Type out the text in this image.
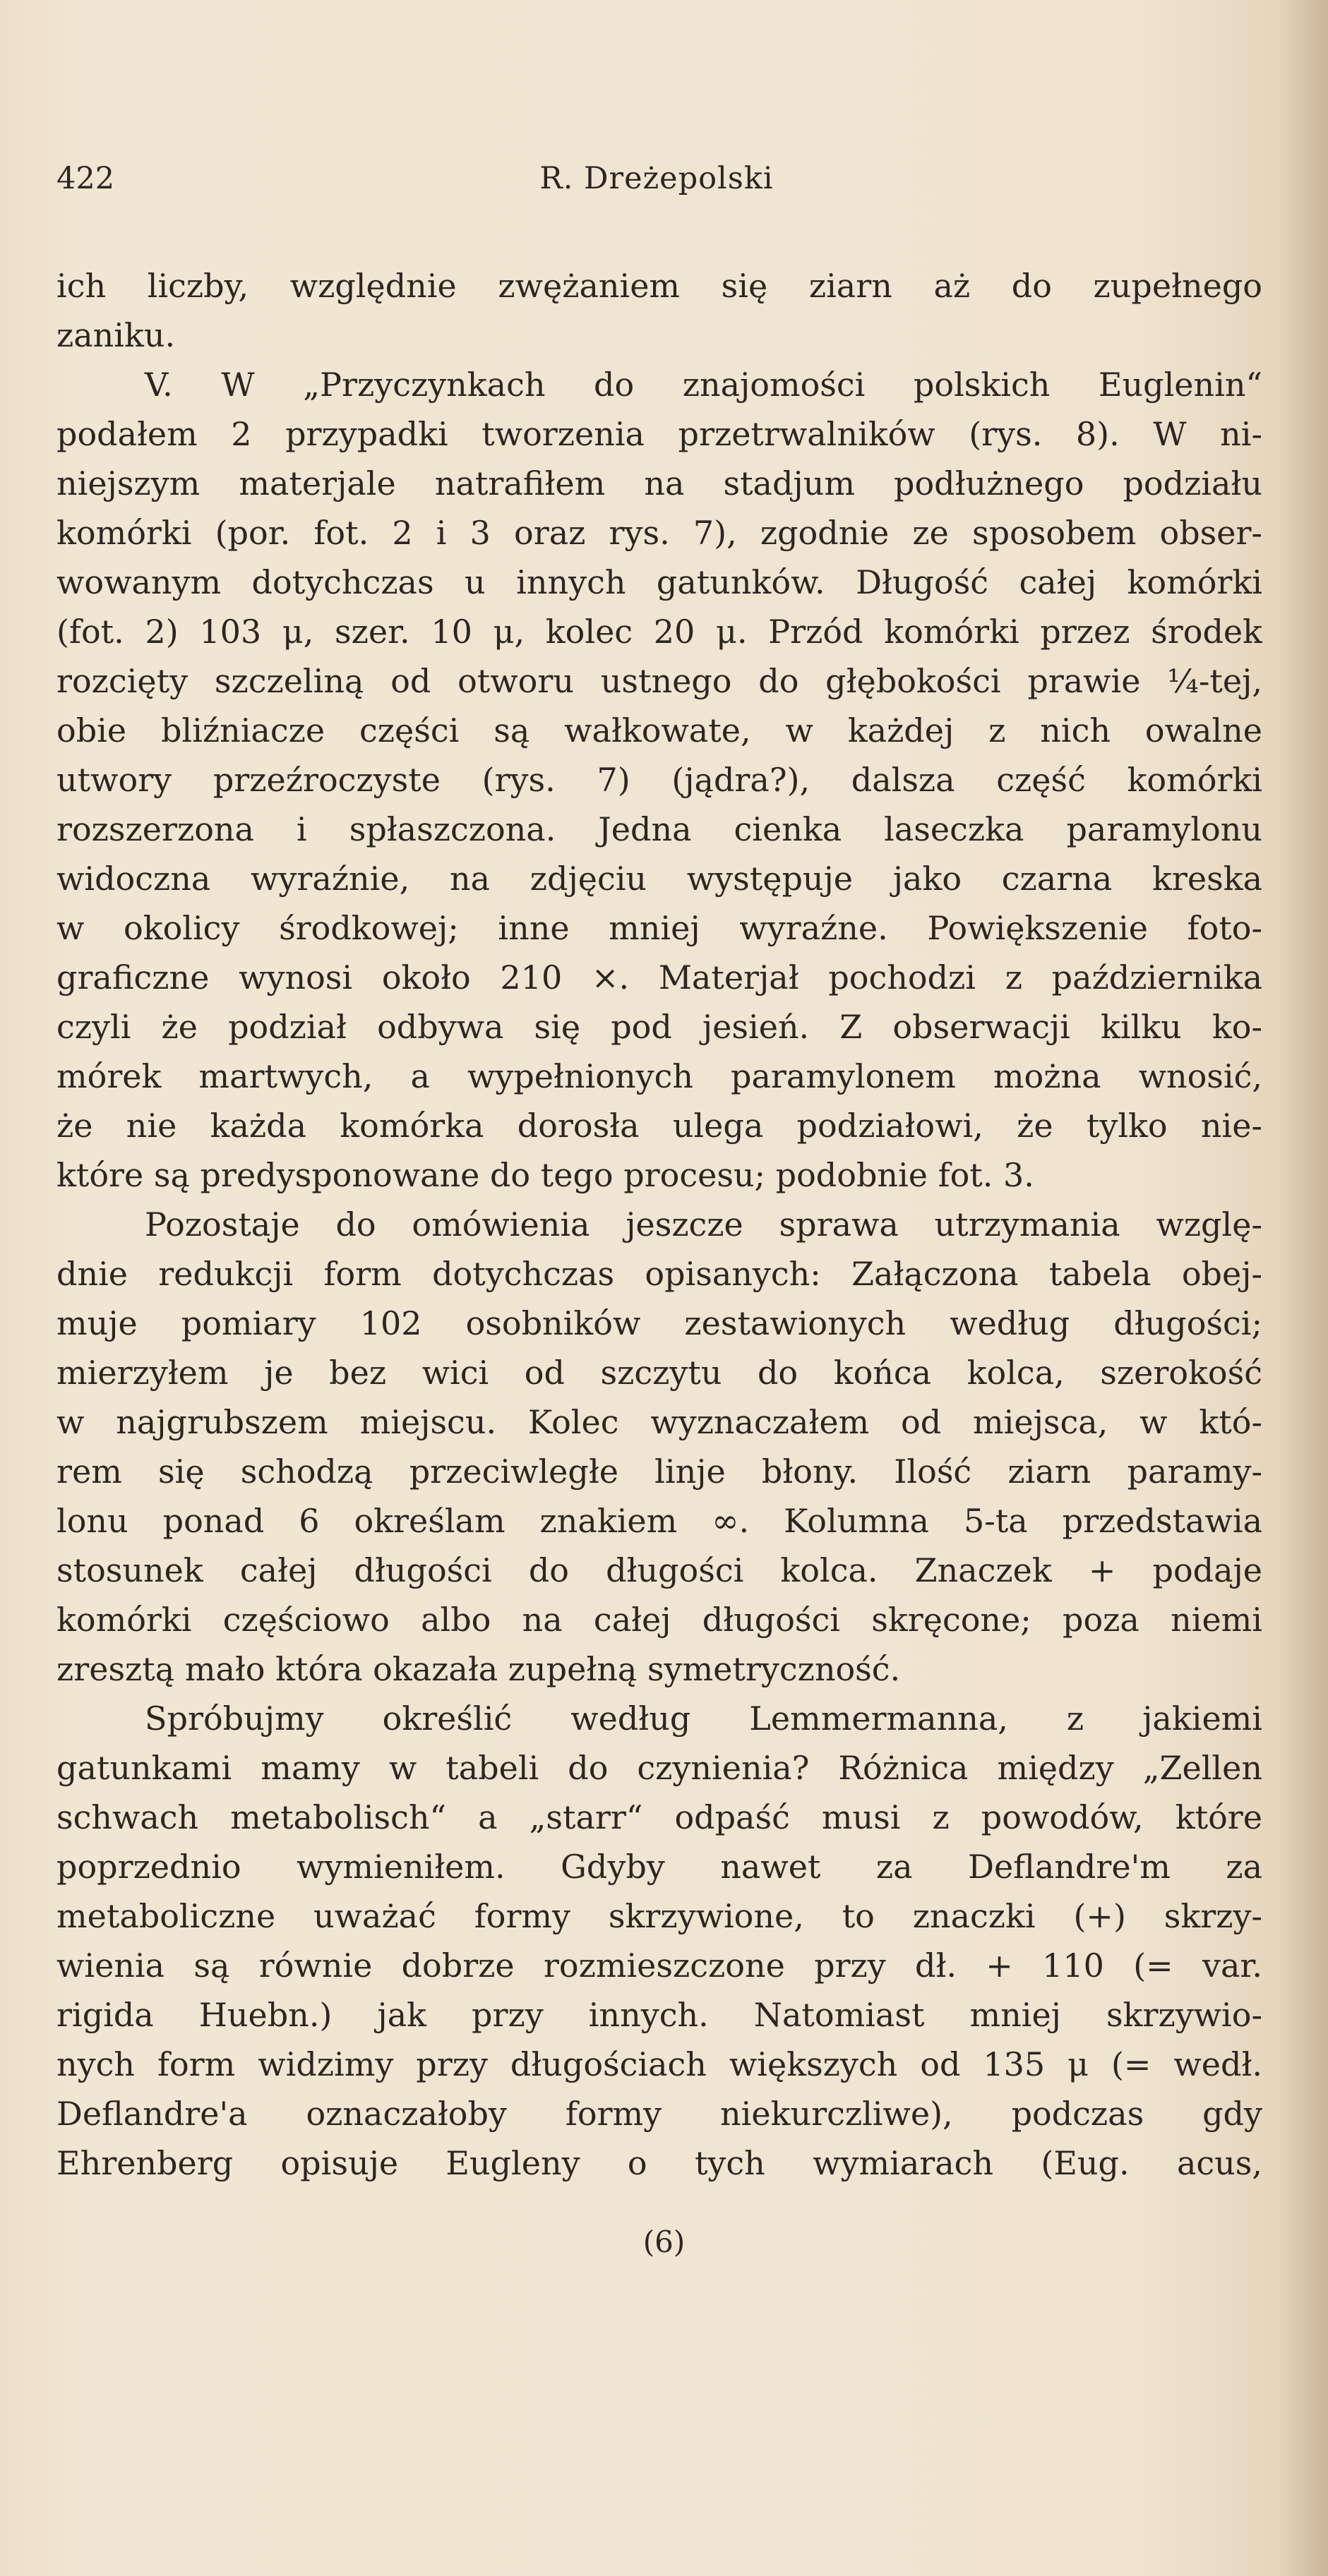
422	R. Dreżepolski
ich liczby, względnie zwężaniem się ziarn aż do zupełnego
zaniku.
V. W „Przyczynkach do znajomości polskich Euglenin“
podałem 2 przypadki tworzenia przetrwalników (rys. 8). W ni-
niejszym materjale natrafiłem na stadjum podłużnego podziału
komórki (por. fot. 2 i 3 oraz rys. 7), zgodnie ze sposobem obser-
wowanym dotychczas u innych gatunków. Długość całej komórki
(fot. 2) 103 μ, szer. 10 μ, kolec 20 μ. Przód komórki przez środek
rozcięty szczeliną od otworu ustnego do głębokości prawie ¼-tej,
obie bliźniacze części są wałkowate, w każdej z nich owalne
utwory przeźroczyste (rys. 7) (jądra?), dalsza część komórki
rozszerzona i spłaszczona. Jedna cienka laseczka paramylonu
widoczna wyraźnie, na zdjęciu występuje jako czarna kreska
w okolicy środkowej; inne mniej wyraźne. Powiększenie foto-
graficzne wynosi około 210 ×. Materjał pochodzi z października
czyli że podział odbywa się pod jesień. Z obserwacji kilku ko-
mórek martwych, a wypełnionych paramylonem można wnosić,
że nie każda komórka dorosła ulega podziałowi, że tylko nie-
które są predysponowane do tego procesu; podobnie fot. 3.
Pozostaje do omówienia jeszcze sprawa utrzymania wzglę-
dnie redukcji form dotychczas opisanych: Załączona tabela obej-
muje pomiary 102 osobników zestawionych według długości;
mierzyłem je bez wici od szczytu do końca kolca, szerokość
w najgrubszem miejscu. Kolec wyznaczałem od miejsca, w któ-
rem się schodzą przeciwległe linje błony. Ilość ziarn paramy-
lonu ponad 6 określam znakiem ∞. Kolumna 5-ta przedstawia
stosunek całej długości do długości kolca. Znaczek + podaje
komórki częściowo albo na całej długości skręcone; poza niemi
zresztą mało która okazała zupełną symetryczność.
Spróbujmy określić według Lemmermanna, z jakiemi
gatunkami mamy w tabeli do czynienia? Różnica między „Zellen
schwach metabolisch“ a „starr“ odpaść musi z powodów, które
poprzednio wymieniłem. Gdyby nawet za Deflandre'm za
metaboliczne uważać formy skrzywione, to znaczki (+) skrzy-
wienia są równie dobrze rozmieszczone przy dł. + 110 (= var.
rigida Huebn.) jak przy innych. Natomiast mniej skrzywio-
nych form widzimy przy długościach większych od 135 μ (= wedł.
Deflandre'a oznaczałoby formy niekurczliwe), podczas gdy
Ehrenberg opisuje Eugleny o tych wymiarach (Eug. acus,
(6)
